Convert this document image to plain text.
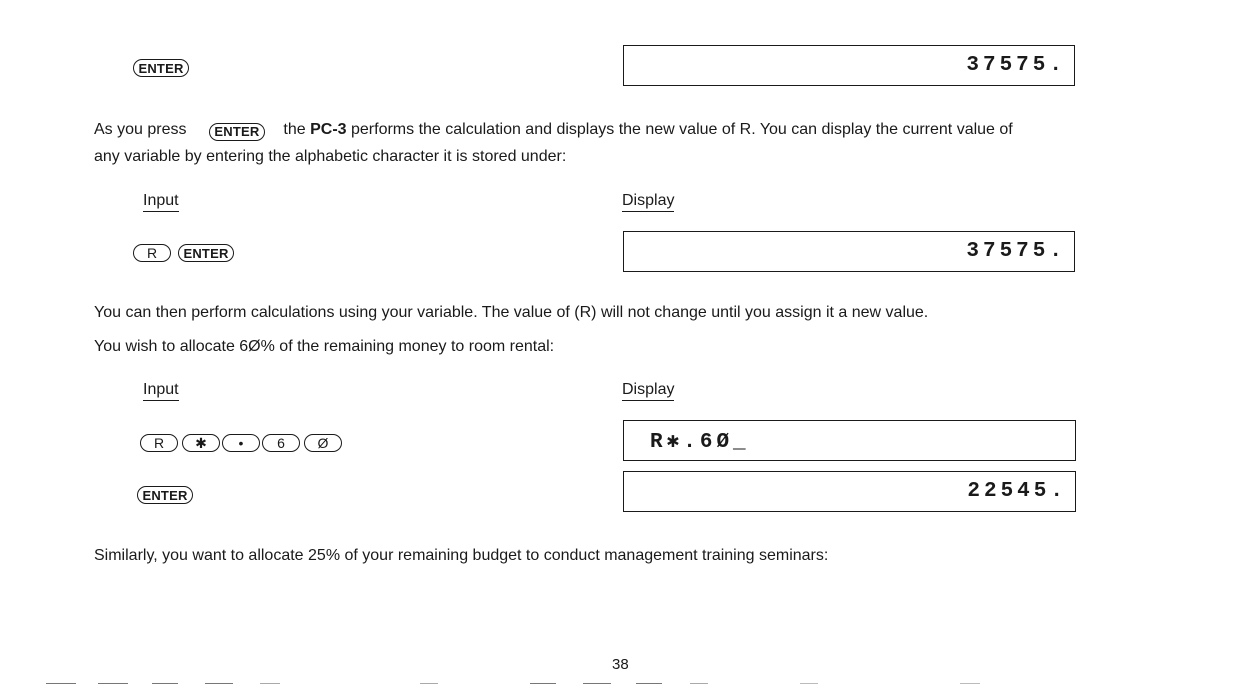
ENTER	37575.
As you press ENTER the PC-3 performs the calculation and displays the new value of R. You can display the current value of
any variable by entering the alphabetic character it is stored under:
Input	Display
R	ENTER	37575.
You can then perform calculations using your variable. The value of (R) will not change until you assign it a new value.
You wish to allocate 6Ø% of the remaining money to room rental:
Input	Display
R	✱	•	6	Ø	R✱.6Ø_
ENTER	22545.
Similarly, you want to allocate 25% of your remaining budget to conduct management training seminars:
38
